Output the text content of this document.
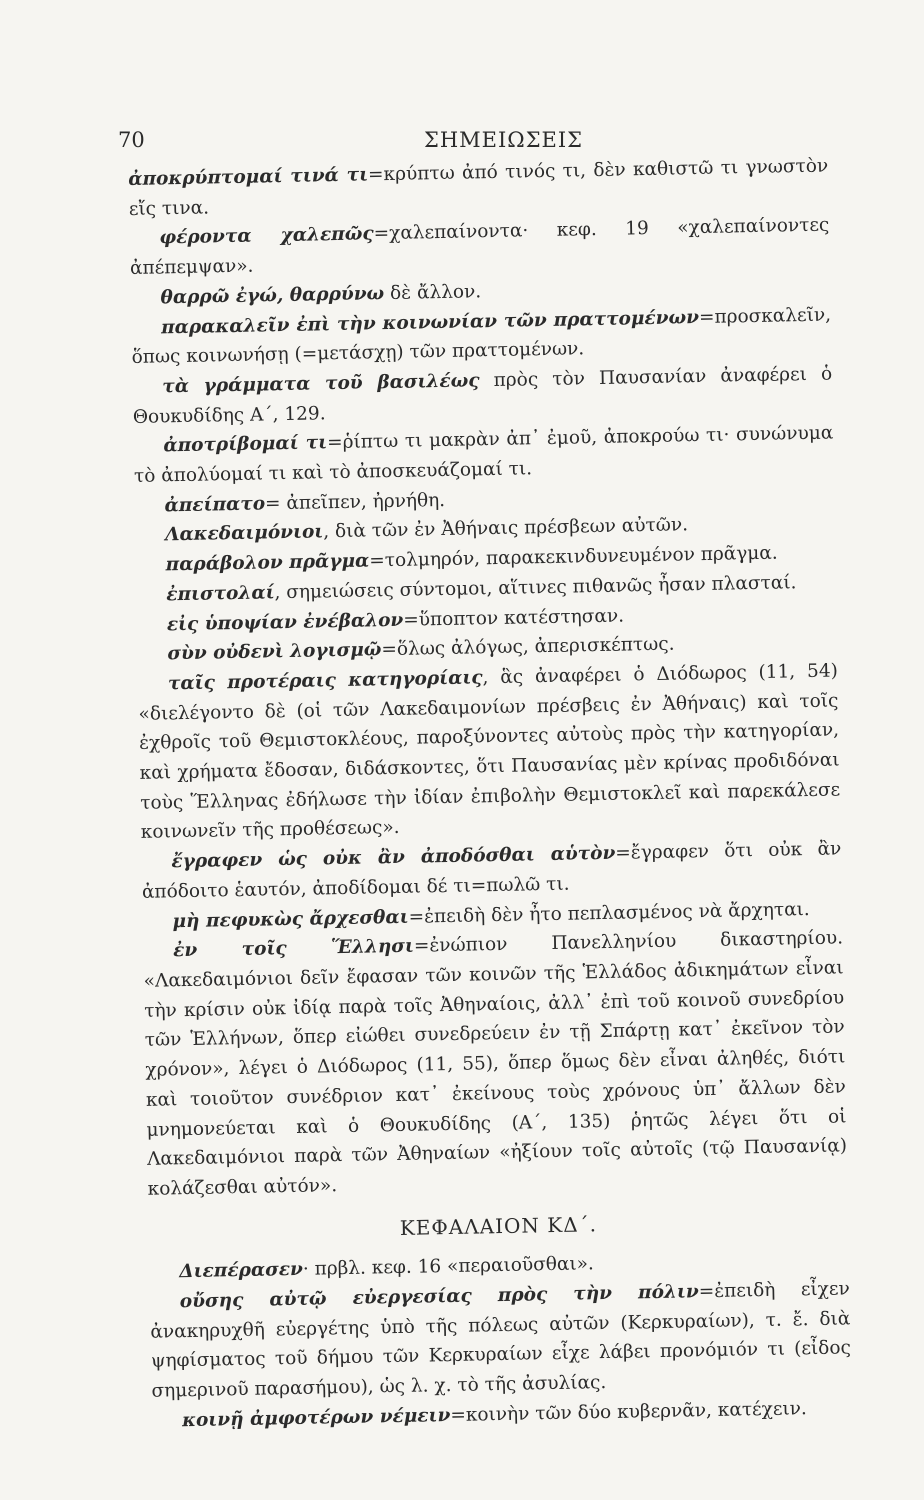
70	ΣΗΜΕΙΩΣΕΙΣ

ἀποκρύπτομαί τινά τι=κρύπτω ἀπό τινός τι, δὲν καθιστῶ τι γνωστὸν εἴς τινα.

φέροντα χαλεπῶς=χαλεπαίνοντα· κεφ. 19 «χαλεπαίνοντες ἀπέπεμψαν».

θαρρῶ ἐγώ, θαρρύνω δὲ ἄλλον.

παρακαλεῖν ἐπὶ τὴν κοινωνίαν τῶν πραττομένων=προσκαλεῖν, ὅπως κοινωνήσῃ (=μετάσχῃ) τῶν πραττομένων.

τὰ γράμματα τοῦ βασιλέως πρὸς τὸν Παυσανίαν ἀναφέρει ὁ Θουκυδίδης Α΄, 129.

ἀποτρίβομαί τι=ῥίπτω τι μακρὰν ἀπ᾿ ἐμοῦ, ἀποκρούω τι· συνώνυμα τὸ ἀπολύομαί τι καὶ τὸ ἀποσκευάζομαί τι.

ἀπείπατο= ἀπεῖπεν, ἠρνήθη.

Λακεδαιμόνιοι, διὰ τῶν ἐν Ἀθήναις πρέσβεων αὐτῶν.

παράβολον πρᾶγμα=τολμηρόν, παρακεκινδυνευμένον πρᾶγμα.

ἐπιστολαί, σημειώσεις σύντομοι, αἵτινες πιθανῶς ἦσαν πλασταί.

εἰς ὑποψίαν ἐνέβαλον=ὕποπτον κατέστησαν.

σὺν οὐδενὶ λογισμῷ=ὅλως ἀλόγως, ἀπερισκέπτως.

ταῖς προτέραις κατηγορίαις, ἃς ἀναφέρει ὁ Διόδωρος (11, 54) «διελέγοντο δὲ (οἱ τῶν Λακεδαιμονίων πρέσβεις ἐν Ἀθήναις) καὶ τοῖς ἐχθροῖς τοῦ Θεμιστοκλέους, παροξύνοντες αὐτοὺς πρὸς τὴν κατηγορίαν, καὶ χρήματα ἔδοσαν, διδάσκοντες, ὅτι Παυσανίας μὲν κρίνας προδιδόναι τοὺς Ἕλληνας ἐδήλωσε τὴν ἰδίαν ἐπιβολὴν Θεμιστοκλεῖ καὶ παρεκάλεσε κοινωνεῖν τῆς προθέσεως».

ἔγραφεν ὡς οὐκ ἂν ἀποδόσθαι αὑτὸν=ἔγραφεν ὅτι οὐκ ἂν ἀπόδοιτο ἑαυτόν, ἀποδίδομαι δέ τι=πωλῶ τι.

μὴ πεφυκὼς ἄρχεσθαι=ἐπειδὴ δὲν ἦτο πεπλασμένος νὰ ἄρχηται.

ἐν τοῖς Ἕλλησι=ἐνώπιον Πανελληνίου δικαστηρίου. «Λακεδαιμόνιοι δεῖν ἔφασαν τῶν κοινῶν τῆς Ἑλλάδος ἀδικημάτων εἶναι τὴν κρίσιν οὐκ ἰδίᾳ παρὰ τοῖς Ἀθηναίοις, ἀλλ᾿ ἐπὶ τοῦ κοινοῦ συνεδρίου τῶν Ἑλλήνων, ὅπερ εἰώθει συνεδρεύειν ἐν τῇ Σπάρτῃ κατ᾿ ἐκεῖνον τὸν χρόνον», λέγει ὁ Διόδωρος (11, 55), ὅπερ ὅμως δὲν εἶναι ἀληθές, διότι καὶ τοιοῦτον συνέδριον κατ᾿ ἐκείνους τοὺς χρόνους ὑπ᾿ ἄλλων δὲν μνημονεύεται καὶ ὁ Θουκυδίδης (Α΄, 135) ῥητῶς λέγει ὅτι οἱ Λακεδαιμόνιοι παρὰ τῶν Ἀθηναίων «ἠξίουν τοῖς αὐτοῖς (τῷ Παυσανίᾳ) κολάζεσθαι αὐτόν».

ΚΕΦΑΛΑΙΟΝ ΚΔ΄.

Διεπέρασεν· πρβλ. κεφ. 16 «περαιοῦσθαι».

οὔσης αὐτῷ εὐεργεσίας πρὸς τὴν πόλιν=ἐπειδὴ εἶχεν ἀνακηρυχθῆ εὐεργέτης ὑπὸ τῆς πόλεως αὐτῶν (Κερκυραίων), τ. ἔ. διὰ ψηφίσματος τοῦ δήμου τῶν Κερκυραίων εἶχε λάβει προνόμιόν τι (εἶδος σημερινοῦ παρασήμου), ὡς λ. χ. τὸ τῆς ἀσυλίας.

κοινῇ ἀμφοτέρων νέμειν=κοινὴν τῶν δύο κυβερνᾶν, κατέχειν.
